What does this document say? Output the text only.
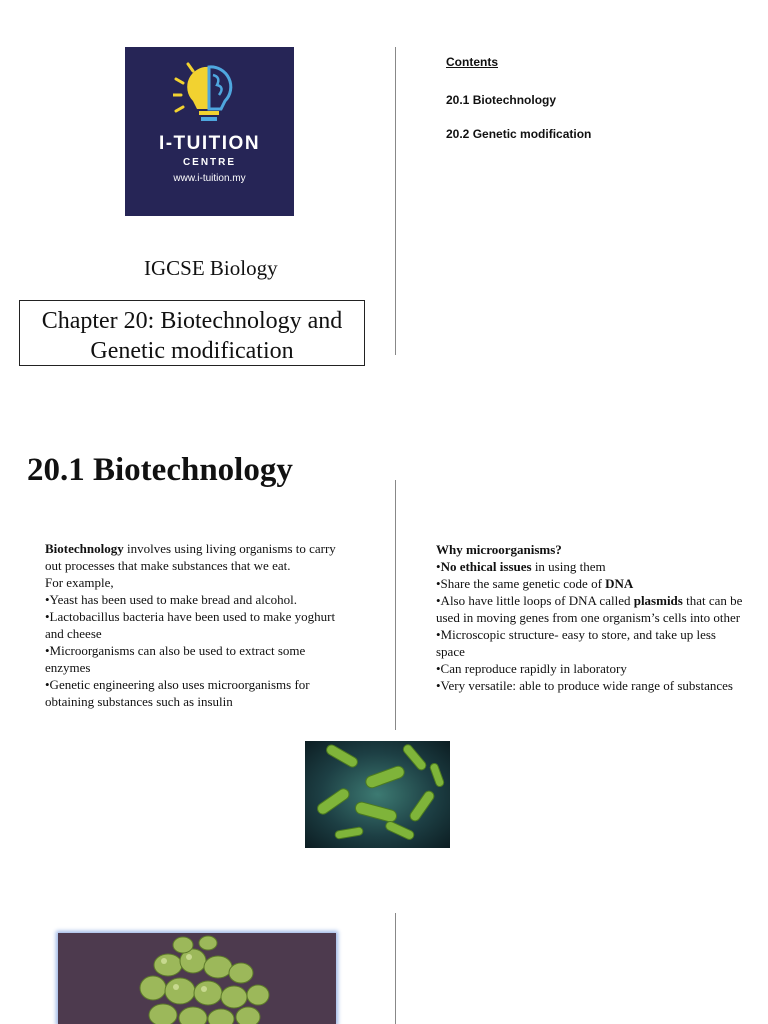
I-TUITION
CENTRE
www.i-tuition.my
IGCSE Biology
Chapter 20: Biotechnology and
Genetic modification
Contents
20.1 Biotechnology
20.2 Genetic modification
20.1 Biotechnology
Biotechnology involves using living organisms to carry out processes that make substances that we eat.
For example,
•Yeast has been used to make bread and alcohol.
•Lactobacillus bacteria have been used to make yoghurt and cheese
•Microorganisms can also be used to extract some enzymes
•Genetic engineering also uses microorganisms for obtaining substances such as insulin
Why microorganisms?
•No ethical issues in using them
•Share the same genetic code of DNA
•Also have little loops of DNA called plasmids that can be used in moving genes from one organism’s cells into other
•Microscopic structure- easy to store, and take up less space
•Can reproduce rapidly in laboratory
•Very versatile: able to produce wide range of substances
